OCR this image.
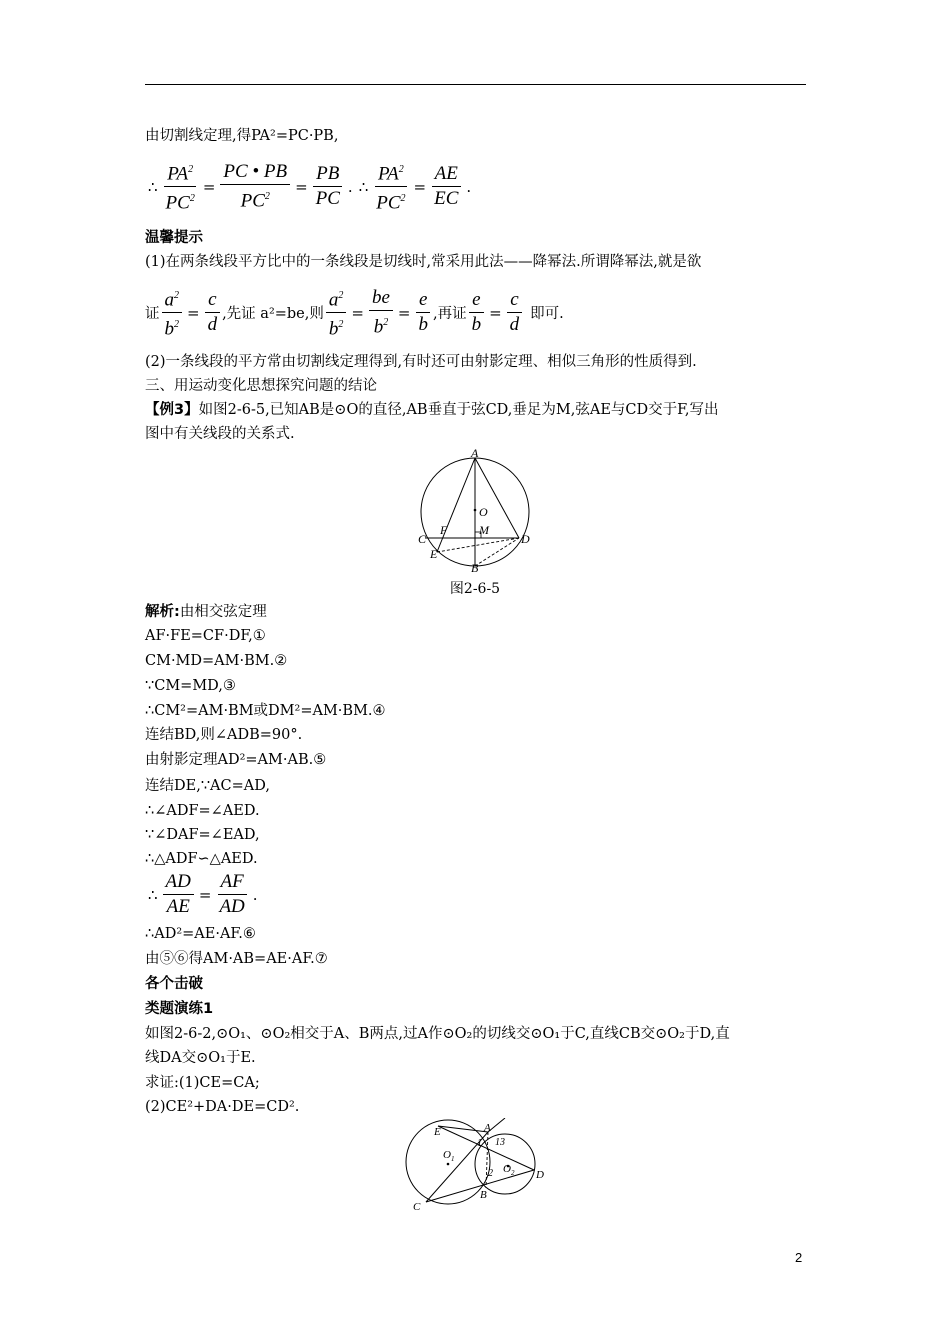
由切割线定理,得PA²=PC·PB,
∴ $\frac{PA^2}{PC^2} = \frac{PC • PB}{PC^2} = \frac{PB}{PC}$ . ∴ $\frac{PA^2}{PC^2} = \frac{AE}{EC}$ .
温馨提示
(1)在两条线段平方比中的一条线段是切线时,常采用此法——降幂法.所谓降幂法,就是欲
证 $\frac{a^2}{b^2} = \frac{c}{d}$ ,先证 a²=be,则 $\frac{a^2}{b^2} = \frac{be}{b^2} = \frac{e}{b}$ ,再证 $\frac{e}{b} = \frac{c}{d}$ 即可.
(2)一条线段的平方常由切割线定理得到,有时还可由射影定理、相似三角形的性质得到.
三、用运动变化思想探究问题的结论
【例3】如图2-6-5,已知AB是⊙O的直径,AB垂直于弦CD,垂足为M,弦AE与CD交于F,写出
图中有关线段的关系式.
A
O
F	M
C	D
E
B
图2-6-5
解析:由相交弦定理
AF·FE=CF·DF,①
CM·MD=AM·BM.②
∵CM=MD,③
∴CM²=AM·BM或DM²=AM·BM.④
连结BD,则∠ADB=90°.
由射影定理AD²=AM·AB.⑤
连结DE,∵AC=AD,
∴∠ADF=∠AED.
∵∠DAF=∠EAD,
∴△ADF∽△AED.
∴ $\frac{AD}{AE} = \frac{AF}{AD}$ .
∴AD²=AE·AF.⑥
由⑤⑥得AM·AB=AE·AF.⑦
各个击破
类题演练1
如图2-6-2,⊙O₁、⊙O₂相交于A、B两点,过A作⊙O₂的切线交⊙O₁于C,直线CB交⊙O₂于D,直
线DA交⊙O₁于E.
求证:(1)CE=CA;
(2)CE²+DA·DE=CD².
E	A
O 1
1 13
2 O 2 D
B
C
2
